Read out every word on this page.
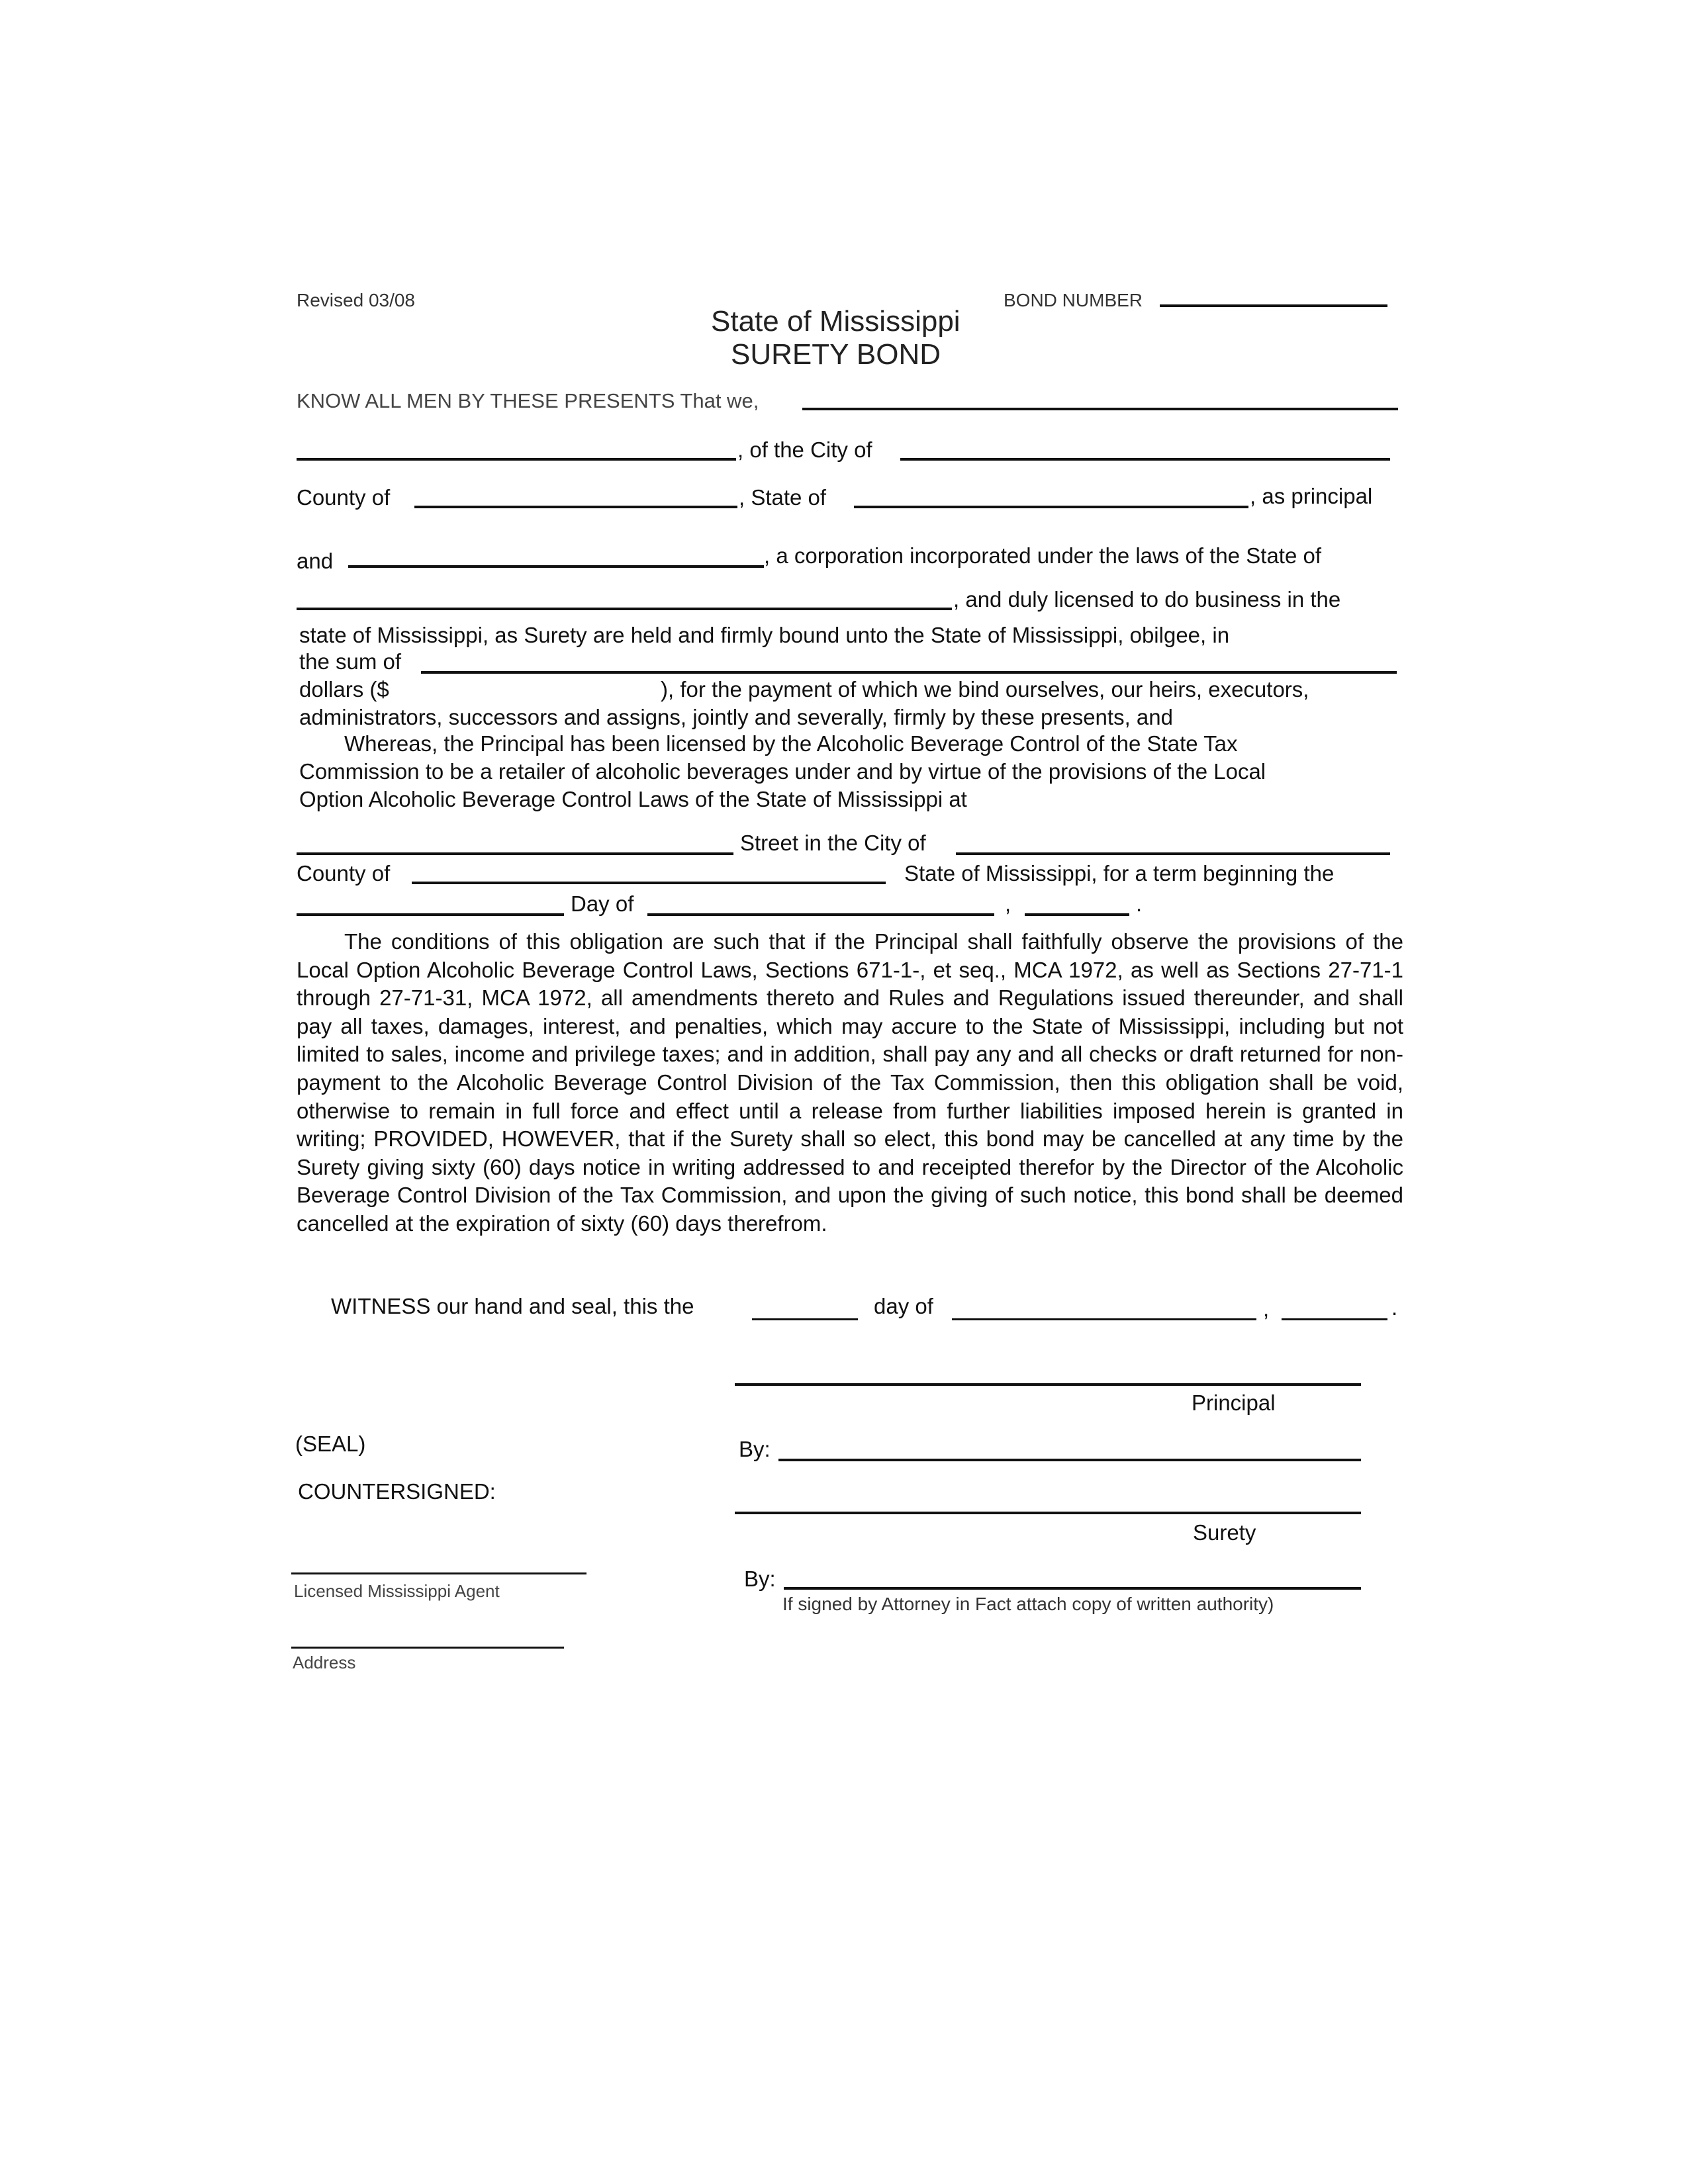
Revised 03/08	BOND NUMBER
State of Mississippi
SURETY BOND
KNOW ALL MEN BY THESE PRESENTS That we,
, of the City of
County of	, State of	, as principal
and	, a corporation incorporated under the laws of the State of
, and duly licensed to do business in the
state of Mississippi, as Surety are held and firmly bound unto the State of Mississippi, obilgee, in
the sum of
dollars ($	), for the payment of which we bind ourselves, our heirs, executors,
administrators, successors and assigns, jointly and severally, firmly by these presents, and
Whereas, the Principal has been licensed by the Alcoholic Beverage Control of the State Tax
Commission to be a retailer of alcoholic beverages under and by virtue of the provisions of the Local
Option Alcoholic Beverage Control Laws of the State of Mississippi at
Street in the City of
County of	State of Mississippi, for a term beginning the
Day of	,	.
The conditions of this obligation are such that if the Principal shall faithfully observe the provisions of the Local Option Alcoholic Beverage Control Laws, Sections 671-1-, et seq., MCA 1972, as well as Sections 27-71-1 through 27-71-31, MCA 1972, all amendments thereto and Rules and Regulations issued thereunder, and shall pay all taxes, damages, interest, and penalties, which may accure to the State of Mississippi, including but not limited to sales, income and privilege taxes; and in addition, shall pay any and all checks or draft returned for non-payment to the Alcoholic Beverage Control Division of the Tax Commission, then this obligation shall be void, otherwise to remain in full force and effect until a release from further liabilities imposed herein is granted in writing; PROVIDED, HOWEVER, that if the Surety shall so elect, this bond may be cancelled at any time by the Surety giving sixty (60) days notice in writing addressed to and receipted therefor by the Director of the Alcoholic Beverage Control Division of the Tax Commission, and upon the giving of such notice, this bond shall be deemed cancelled at the expiration of sixty (60) days therefrom.
WITNESS our hand and seal, this the	day of	,	.
Principal
(SEAL)	By:
COUNTERSIGNED:
Surety
Licensed Mississippi Agent	By:
If signed by Attorney in Fact attach copy of written authority)
Address
